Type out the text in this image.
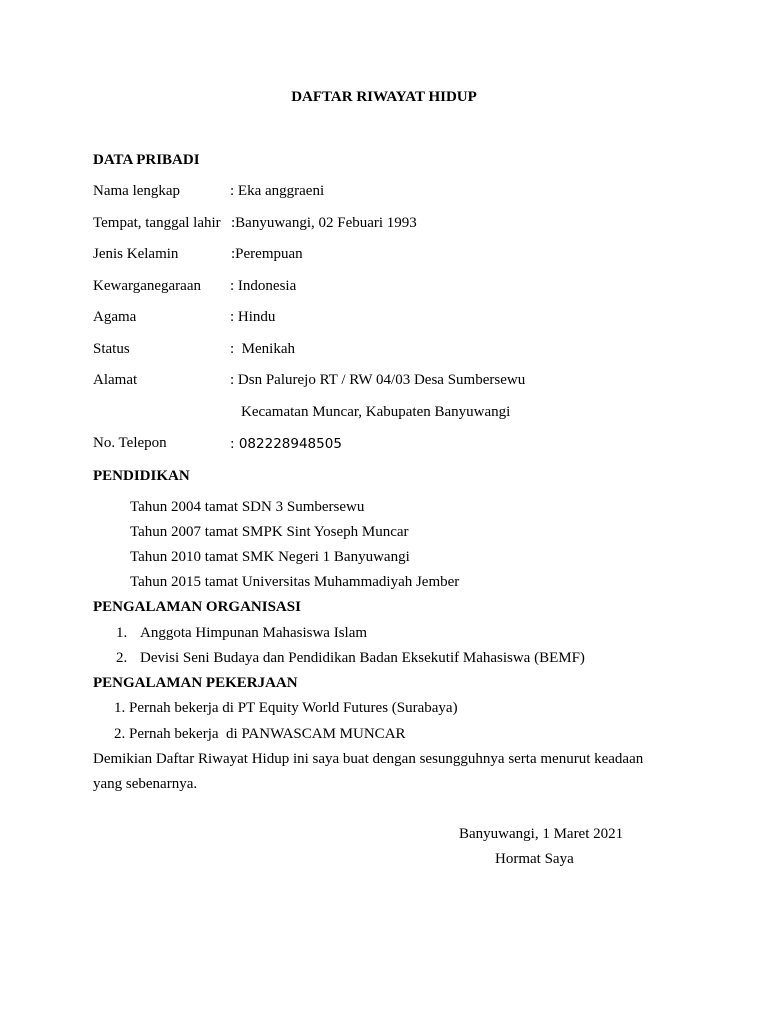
DAFTAR RIWAYAT HIDUP
DATA PRIBADI
Nama lengkap	: Eka anggraeni
Tempat, tanggal lahir :Banyuwangi, 02 Febuari 1993
Jenis Kelamin	:Perempuan
Kewarganegaraan : Indonesia
Agama	: Hindu
Status	:  Menikah
Alamat	: Dsn Palurejo RT / RW 04/03 Desa Sumbersewu
Kecamatan Muncar, Kabupaten Banyuwangi
No. Telepon	: 082228948505
PENDIDIKAN
Tahun 2004 tamat SDN 3 Sumbersewu
Tahun 2007 tamat SMPK Sint Yoseph Muncar
Tahun 2010 tamat SMK Negeri 1 Banyuwangi
Tahun 2015 tamat Universitas Muhammadiyah Jember
PENGALAMAN ORGANISASI
1. Anggota Himpunan Mahasiswa Islam
2. Devisi Seni Budaya dan Pendidikan Badan Eksekutif Mahasiswa (BEMF)
PENGALAMAN PEKERJAAN
1. Pernah bekerja di PT Equity World Futures (Surabaya)
2. Pernah bekerja  di PANWASCAM MUNCAR
Demikian Daftar Riwayat Hidup ini saya buat dengan sesungguhnya serta menurut keadaan
yang sebenarnya.
Banyuwangi, 1 Maret 2021
Hormat Saya
